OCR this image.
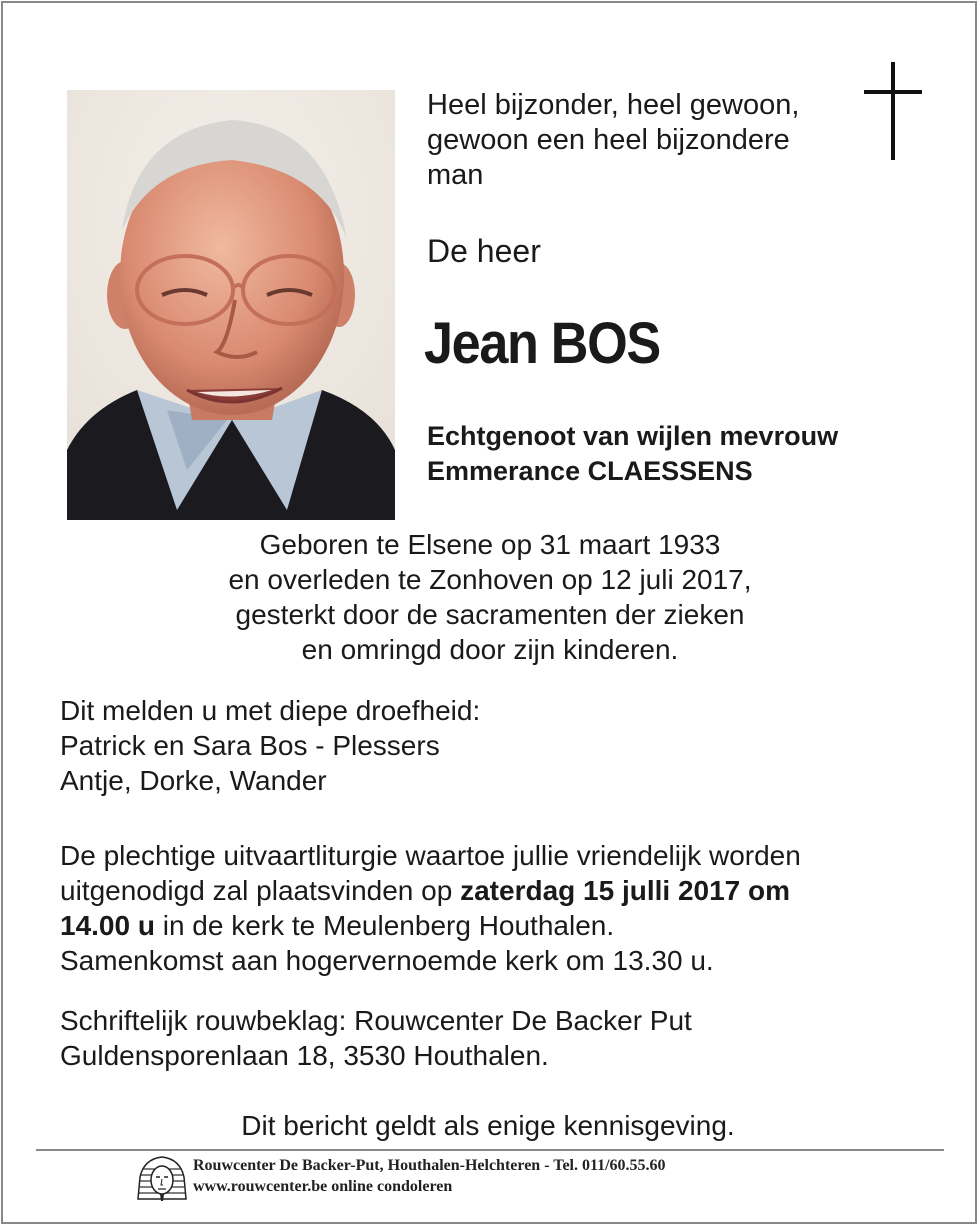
Heel bijzonder, heel gewoon,
gewoon een heel bijzondere
man
De heer
Jean BOS
Echtgenoot van wijlen mevrouw
Emmerance CLAESSENS
Geboren te Elsene op 31 maart 1933
en overleden te Zonhoven op 12 juli 2017,
gesterkt door de sacramenten der zieken
en omringd door zijn kinderen.
Dit melden u met diepe droefheid:
Patrick en Sara Bos - Plessers
Antje, Dorke, Wander
De plechtige uitvaartliturgie waartoe jullie vriendelijk worden
uitgenodigd zal plaatsvinden op zaterdag 15 julli 2017 om
14.00 u in de kerk te Meulenberg Houthalen.
Samenkomst aan hogervernoemde kerk om 13.30 u.
Schriftelijk rouwbeklag: Rouwcenter De Backer Put
Guldensporenlaan 18, 3530 Houthalen.
Dit bericht geldt als enige kennisgeving.
Rouwcenter De Backer-Put, Houthalen-Helchteren - Tel. 011/60.55.60
www.rouwcenter.be online condoleren
